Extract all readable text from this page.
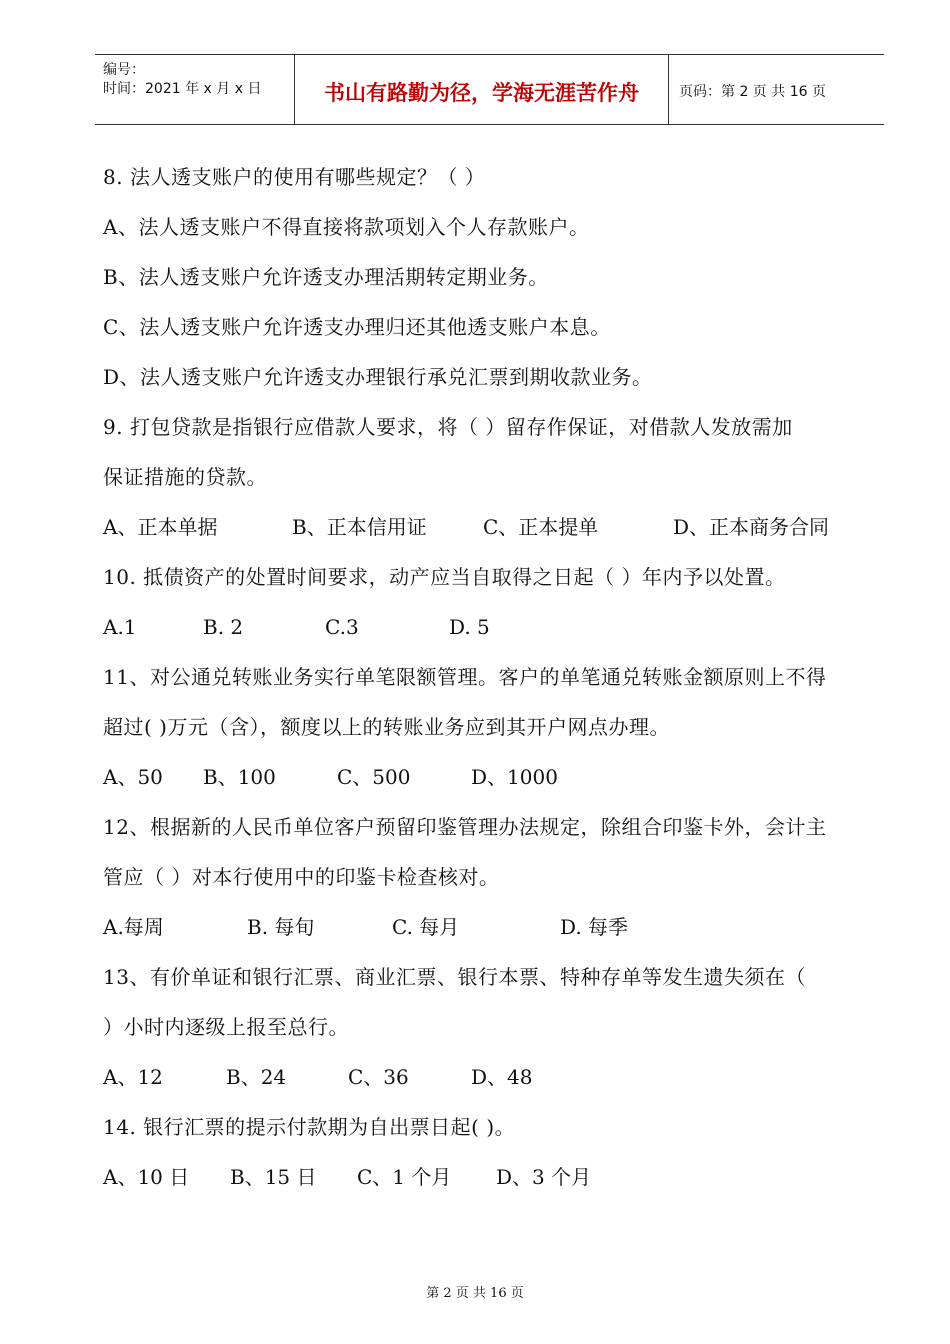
编号：
时间：2021 年 x 月 x 日	书山有路勤为径，学海无涯苦作舟	页码：第 2 页 共 16 页
8. 法人透支账户的使用有哪些规定？（ ）
A、法人透支账户不得直接将款项划入个人存款账户。
B、法人透支账户允许透支办理活期转定期业务。
C、法人透支账户允许透支办理归还其他透支账户本息。
D、法人透支账户允许透支办理银行承兑汇票到期收款业务。
9. 打包贷款是指银行应借款人要求，将（ ）留存作保证，对借款人发放需加
保证措施的贷款。
A、正本单据	B、正本信用证	C、正本提单	D、正本商务合同
10. 抵债资产的处置时间要求，动产应当自取得之日起（ ）年内予以处置。
A.1	B. 2	C.3	D. 5
11、对公通兑转账业务实行单笔限额管理。客户的单笔通兑转账金额原则上不得
超过( )万元（含），额度以上的转账业务应到其开户网点办理。
A、50 B、100	C、500	D、1000
12、根据新的人民币单位客户预留印鉴管理办法规定，除组合印鉴卡外，会计主
管应（ ）对本行使用中的印鉴卡检查核对。
A.每周	B. 每旬	C. 每月	D. 每季
13、有价单证和银行汇票、商业汇票、银行本票、特种存单等发生遗失须在（
）小时内逐级上报至总行。
A、12	B、24	C、36	D、48
14. 银行汇票的提示付款期为自出票日起( )。
A、10 日 B、15 日 C、1 个月 D、3 个月
第 2 页 共 16 页
